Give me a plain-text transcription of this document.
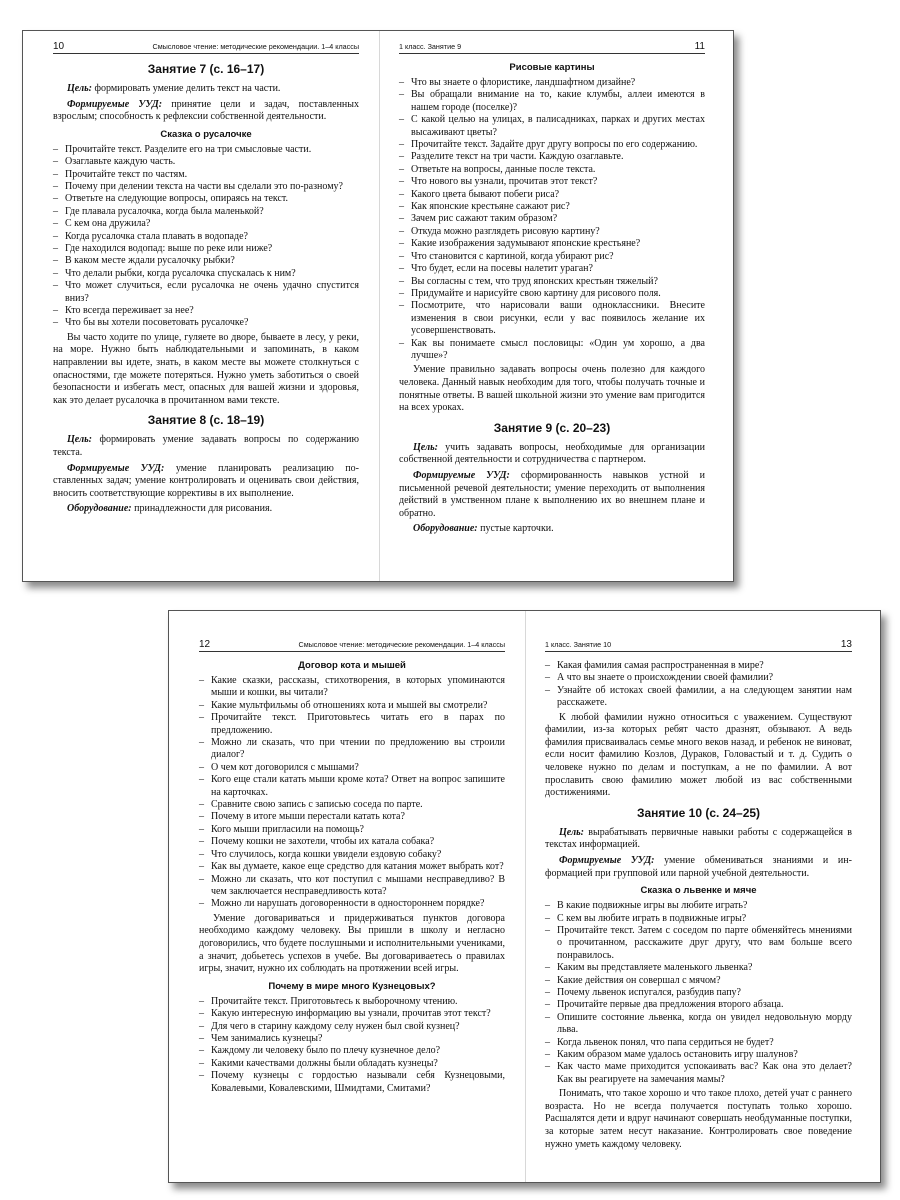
10	Смысловое чтение: методические рекомендации. 1–4 классы
Занятие 7 (с. 16–17)

Цель: формировать умение делить текст на части.

Формируемые УУД: принятие цели и задач, поставленных взрослым; способность к рефлексии собственной деятельности.

Сказка о русалочке
– Прочитайте текст. Разделите его на три смысловые части.
– Озаглавьте каждую часть.
– Прочитайте текст по частям.
– Почему при делении текста на части вы сделали это по-разному?
– Ответьте на следующие вопросы, опираясь на текст.
– Где плавала русалочка, когда была маленькой?
– С кем она дружила?
– Когда русалочка стала плавать в водопаде?
– Где находился водопад: выше по реке или ниже?
– В каком месте ждали русалочку рыбки?
– Что делали рыбки, когда русалочка спускалась к ним?
– Что может случиться, если русалочка не очень удачно спустится вниз?
– Кто всегда переживает за нее?
– Что бы вы хотели посоветовать русалочке?

Вы часто ходите по улице, гуляете во дворе, бываете в лесу, у реки, на море. Нужно быть наблюдательными и запоминать, в каком направлении вы идете, знать, в каком месте вы можете столкнуться с опасностями, где можете потеряться. Нужно уметь заботиться о своей безопасности и избегать мест, опасных для вашей жизни и здоровья, как это делает русалочка в прочитанном вами тексте.

Занятие 8 (с. 18–19)

Цель: формировать умение задавать вопросы по содержанию текста.

Формируемые УУД: умение планировать реализацию поставленных задач; умение контролировать и оценивать свои действия, вносить соответствующие коррективы в их выполнение.

Оборудование: принадлежности для рисования.

1 класс. Занятие 9	11
Рисовые картины
– Что вы знаете о флористике, ландшафтном дизайне?
– Вы обращали внимание на то, какие клумбы, аллеи имеются в нашем городе (поселке)?
– С какой целью на улицах, в палисадниках, парках и других местах высаживают цветы?
– Прочитайте текст. Задайте друг другу вопросы по его содержанию.
– Разделите текст на три части. Каждую озаглавьте.
– Ответьте на вопросы, данные после текста.
– Что нового вы узнали, прочитав этот текст?
– Какого цвета бывают побеги риса?
– Как японские крестьяне сажают рис?
– Зачем рис сажают таким образом?
– Откуда можно разглядеть рисовую картину?
– Какие изображения задумывают японские крестьяне?
– Что становится с картиной, когда убирают рис?
– Что будет, если на посевы налетит ураган?
– Вы согласны с тем, что труд японских крестьян тяжелый?
– Придумайте и нарисуйте свою картину для рисового поля.
– Посмотрите, что нарисовали ваши одноклассники. Внесите изменения в свои рисунки, если у вас появилось желание их усовершенствовать.
– Как вы понимаете смысл пословицы: «Один ум хорошо, а два лучше»?

Умение правильно задавать вопросы очень полезно для каждого человека. Данный навык необходим для того, чтобы получать точные и понятные ответы. В вашей школьной жизни это умение вам пригодится на всех уроках.

Занятие 9 (с. 20–23)

Цель: учить задавать вопросы, необходимые для организации собственной деятельности и сотрудничества с партнером.

Формируемые УУД: сформированность навыков устной и письменной речевой деятельности; умение переходить от выполнения действий в умственном плане к выполнению их во внешнем плане и обратно.

Оборудование: пустые карточки.

12	Смысловое чтение: методические рекомендации. 1–4 классы
Договор кота и мышей
– Какие сказки, рассказы, стихотворения, в которых упоминаются мыши и кошки, вы читали?
– Какие мультфильмы об отношениях кота и мышей вы смотрели?
– Прочитайте текст. Приготовьтесь читать его в парах по предложению.
– Можно ли сказать, что при чтении по предложению вы строили диалог?
– О чем кот договорился с мышами?
– Кого еще стали катать мыши кроме кота? Ответ на вопрос запишите на карточках.
– Сравните свою запись с записью соседа по парте.
– Почему в итоге мыши перестали катать кота?
– Кого мыши пригласили на помощь?
– Почему кошки не захотели, чтобы их катала собака?
– Что случилось, когда кошки увидели ездовую собаку?
– Как вы думаете, какое еще средство для катания может выбрать кот?
– Можно ли сказать, что кот поступил с мышами несправедливо? В чем заключается несправедливость кота?
– Можно ли нарушать договоренности в одностороннем порядке?

Умение договариваться и придерживаться пунктов договора необходимо каждому человеку. Вы пришли в школу и негласно договорились, что будете послушными и исполнительными учениками, а значит, добьетесь успехов в учебе. Вы договариваетесь о правилах игры, значит, нужно их соблюдать на протяжении всей игры.

Почему в мире много Кузнецовых?
– Прочитайте текст. Приготовьтесь к выборочному чтению.
– Какую интересную информацию вы узнали, прочитав этот текст?
– Для чего в старину каждому селу нужен был свой кузнец?
– Чем занимались кузнецы?
– Каждому ли человеку было по плечу кузнечное дело?
– Какими качествами должны были обладать кузнецы?
– Почему кузнецы с гордостью называли себя Кузнецовыми, Ковалевыми, Ковалевскими, Шмидтами, Смитами?
1 класс. Занятие 10	13
– Какая фамилия самая распространенная в мире?
– А что вы знаете о происхождении своей фамилии?
– Узнайте об истоках своей фамилии, а на следующем занятии нам расскажете.

К любой фамилии нужно относиться с уважением. Существуют фамилии, из-за которых ребят часто дразнят, обзывают. А ведь фамилия присваивалась семье много веков назад, и ребенок не виноват, если носит фамилию Козлов, Дураков, Головастый и т. д. Судить о человеке нужно по делам и поступкам, а не по фамилии. А вот прославить свою фамилию может любой из вас собственными достижениями.

Занятие 10 (с. 24–25)

Цель: вырабатывать первичные навыки работы с содержащейся в текстах информацией.

Формируемые УУД: умение обмениваться знаниями и информацией при групповой или парной учебной деятельности.

Сказка о львенке и мяче
– В какие подвижные игры вы любите играть?
– С кем вы любите играть в подвижные игры?
– Прочитайте текст. Затем с соседом по парте обменяйтесь мнениями о прочитанном, расскажите друг другу, что вам больше всего понравилось.
– Каким вы представляете маленького львенка?
– Какие действия он совершал с мячом?
– Почему львенок испугался, разбудив папу?
– Прочитайте первые два предложения второго абзаца.
– Опишите состояние львенка, когда он увидел недовольную морду льва.
– Когда львенок понял, что папа сердиться не будет?
– Каким образом маме удалось остановить игру шалунов?
– Как часто маме приходится успокаивать вас? Как она это делает? Как вы реагируете на замечания мамы?

Понимать, что такое хорошо и что такое плохо, детей учат с раннего возраста. Но не всегда получается поступать только хорошо. Расшалятся дети и вдруг начинают совершать необдуманные поступки, за которые затем несут наказание. Контролировать свое поведение нужно уметь каждому человеку.
